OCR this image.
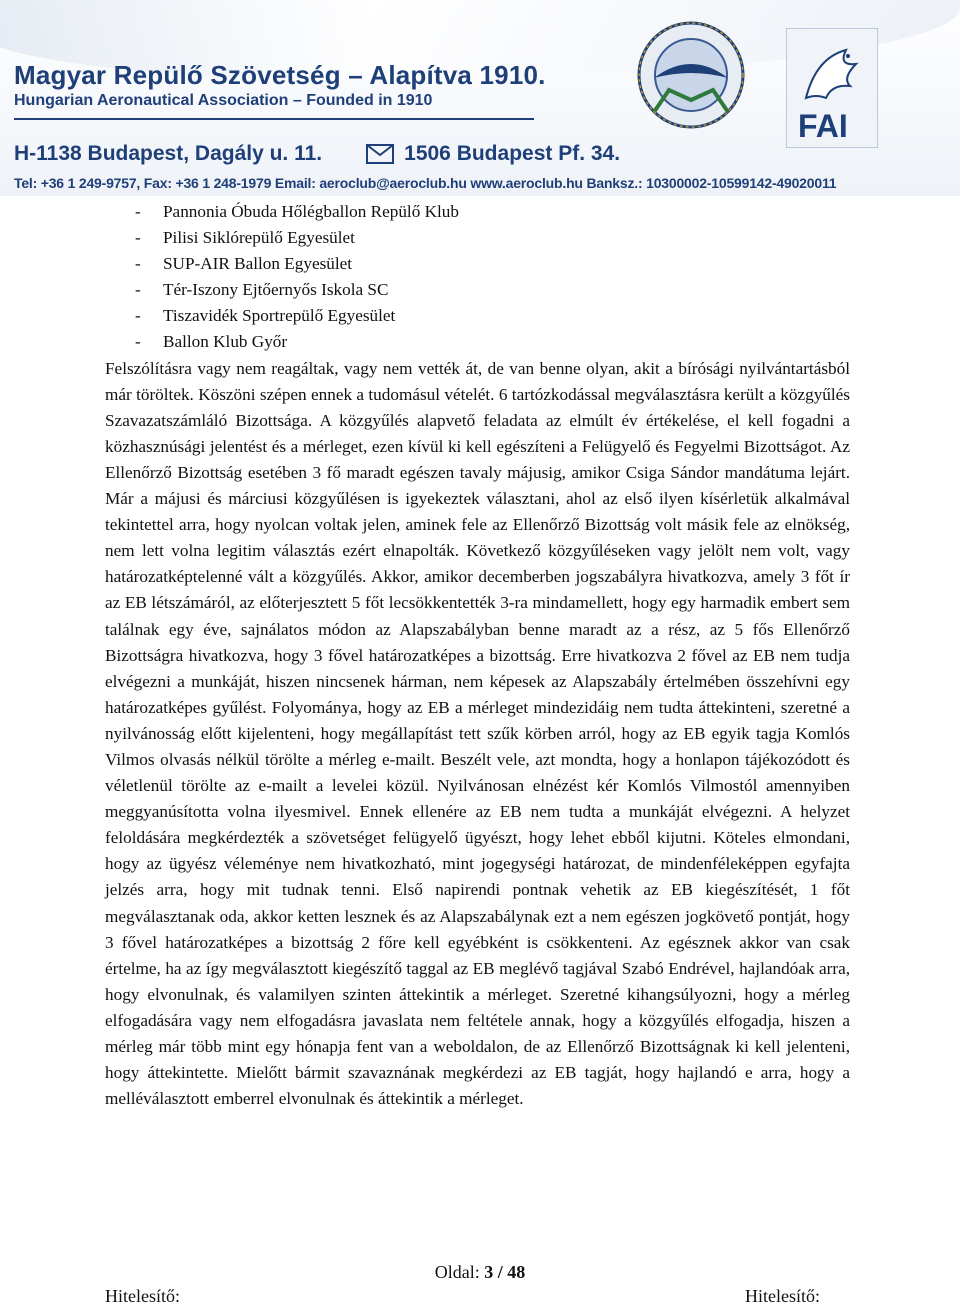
Magyar Repülő Szövetség – Alapítva 1910.
Hungarian Aeronautical Association – Founded in 1910
H-1138 Budapest, Dagály u. 11.	1506 Budapest Pf. 34.
Tel: +36 1 249-9757, Fax: +36 1 248-1979 Email: aeroclub@aeroclub.hu www.aeroclub.hu Banksz.: 10300002-10599142-49020011
FAI
- Pannonia Óbuda Hőlégballon Repülő Klub
- Pilisi Siklórepülő Egyesület
- SUP-AIR Ballon Egyesület
- Tér-Iszony Ejtőernyős Iskola SC
- Tiszavidék Sportrepülő Egyesület
- Ballon Klub Győr

Felszólításra vagy nem reagáltak, vagy nem vették át, de van benne olyan, akit a bírósági nyilvántartásból már töröltek. Köszöni szépen ennek a tudomásul vételét. 6 tartózkodással megválasztásra került a közgyűlés Szavazatszámláló Bizottsága. A közgyűlés alapvető feladata az elmúlt év értékelése, el kell fogadni a közhasznúsági jelentést és a mérleget, ezen kívül ki kell egészíteni a Felügyelő és Fegyelmi Bizottságot. Az Ellenőrző Bizottság esetében 3 fő maradt egészen tavaly májusig, amikor Csiga Sándor mandátuma lejárt. Már a májusi és márciusi közgyűlésen is igyekeztek választani, ahol az első ilyen kísérletük alkalmával tekintettel arra, hogy nyolcan voltak jelen, aminek fele az Ellenőrző Bizottság volt másik fele az elnökség, nem lett volna legitim választás ezért elnapolták. Következő közgyűléseken vagy jelölt nem volt, vagy határozatképtelenné vált a közgyűlés. Akkor, amikor decemberben jogszabályra hivatkozva, amely 3 főt ír az EB létszámáról, az előterjesztett 5 főt lecsökkentették 3-ra mindamellett, hogy egy harmadik embert sem találnak egy éve, sajnálatos módon az Alapszabályban benne maradt az a rész, az 5 fős Ellenőrző Bizottságra hivatkozva, hogy 3 fővel határozatképes a bizottság. Erre hivatkozva 2 fővel az EB nem tudja elvégezni a munkáját, hiszen nincsenek hárman, nem képesek az Alapszabály értelmében összehívni egy határozatképes gyűlést. Folyománya, hogy az EB a mérleget mindezidáig nem tudta áttekinteni, szeretné a nyilvánosság előtt kijelenteni, hogy megállapítást tett szűk körben arról, hogy az EB egyik tagja Komlós Vilmos olvasás nélkül törölte a mérleg e-mailt. Beszélt vele, azt mondta, hogy a honlapon tájékozódott és véletlenül törölte az e-mailt a levelei közül. Nyilvánosan elnézést kér Komlós Vilmostól amennyiben meggyanúsította volna ilyesmivel. Ennek ellenére az EB nem tudta a munkáját elvégezni. A helyzet feloldására megkérdezték a szövetséget felügyelő ügyészt, hogy lehet ebből kijutni. Köteles elmondani, hogy az ügyész véleménye nem hivatkozható, mint jogegységi határozat, de mindenféleképpen egyfajta jelzés arra, hogy mit tudnak tenni. Első napirendi pontnak vehetik az EB kiegészítését, 1 főt megválasztanak oda, akkor ketten lesznek és az Alapszabálynak ezt a nem egészen jogkövető pontját, hogy 3 fővel határozatképes a bizottság 2 főre kell egyébként is csökkenteni. Az egésznek akkor van csak értelme, ha az így megválasztott kiegészítő taggal az EB meglévő tagjával Szabó Endrével, hajlandóak arra, hogy elvonulnak, és valamilyen szinten áttekintik a mérleget. Szeretné kihangsúlyozni, hogy a mérleg elfogadására vagy nem elfogadásra javaslata nem feltétele annak, hogy a közgyűlés elfogadja, hiszen a mérleg már több mint egy hónapja fent van a weboldalon, de az Ellenőrző Bizottságnak ki kell jelenteni, hogy áttekintette. Mielőtt bármit szavaznának megkérdezi az EB tagját, hogy hajlandó e arra, hogy a melléválasztott emberrel elvonulnak és áttekintik a mérleget.

Oldal: 3 / 48
Hitelesítő:	Hitelesítő:
